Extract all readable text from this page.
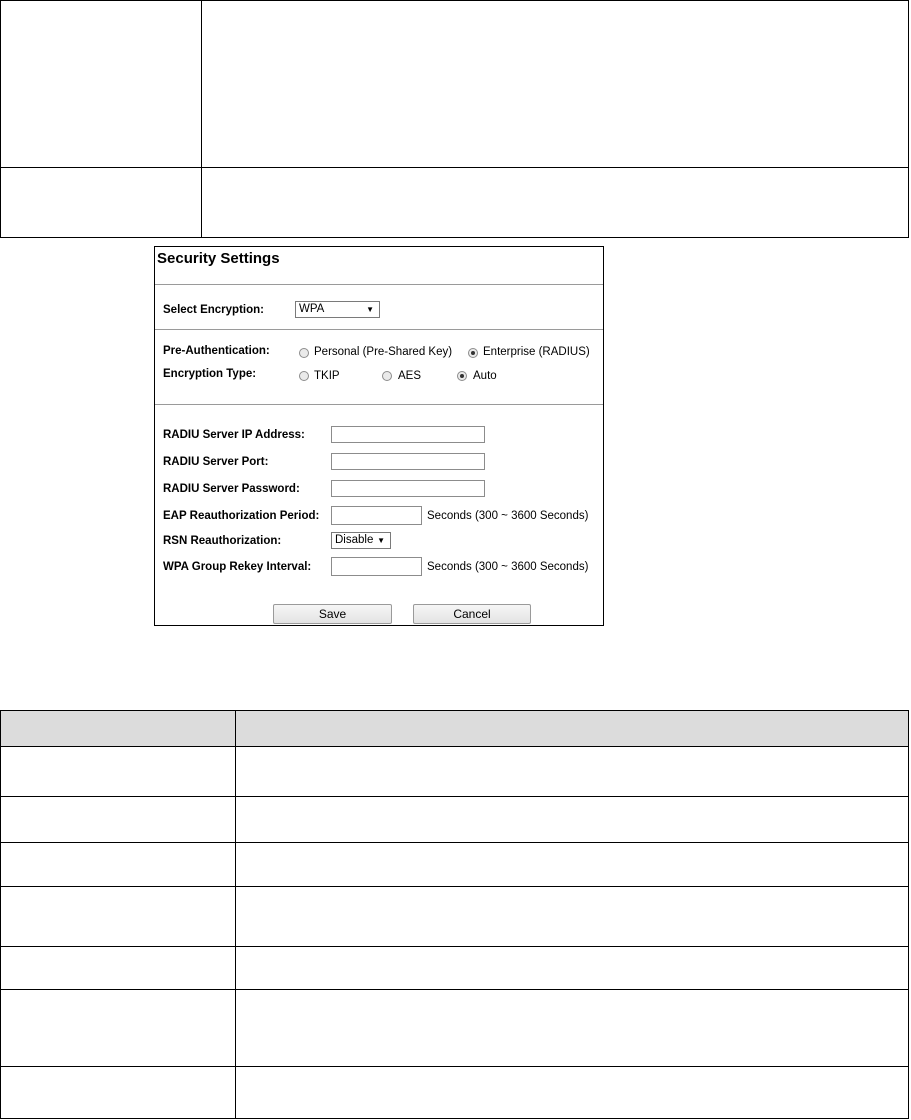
Security Settings
Select Encryption:	WPA	▼
Pre-Authentication:	Personal (Pre-Shared Key)	Enterprise (RADIUS)
Encryption Type:	TKIP	AES	Auto
RADIU Server IP Address:
RADIU Server Port:
RADIU Server Password:
EAP Reauthorization Period:	Seconds (300 ~ 3600 Seconds)
RSN Reauthorization:	Disable ▼
WPA Group Rekey Interval:	Seconds (300 ~ 3600 Seconds)
Save	Cancel
